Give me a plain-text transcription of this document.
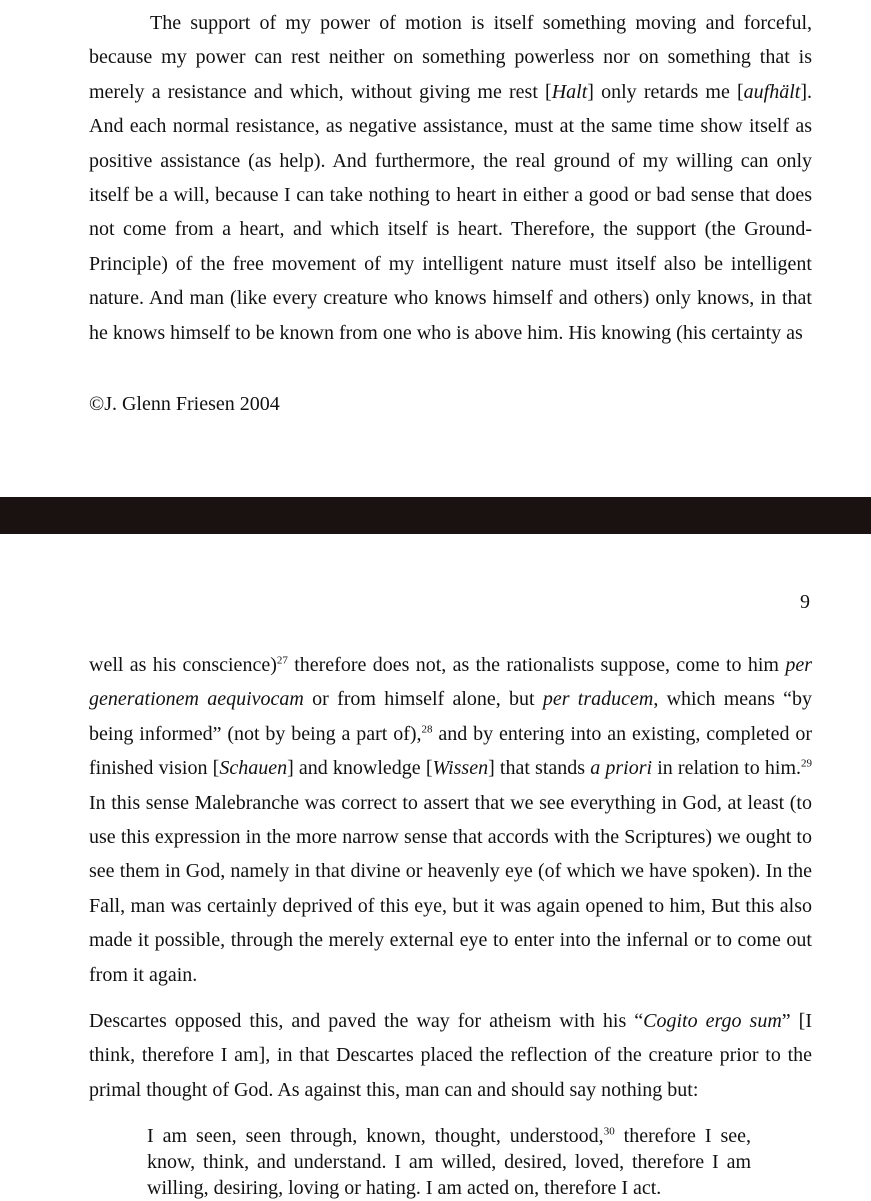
The support of my power of motion is itself something moving and forceful, because my power can rest neither on something powerless nor on something that is merely a resistance and which, without giving me rest [Halt] only retards me [aufhält]. And each normal resistance, as negative assistance, must at the same time show itself as positive assistance (as help). And furthermore, the real ground of my willing can only itself be a will, because I can take nothing to heart in either a good or bad sense that does not come from a heart, and which itself is heart. Therefore, the support (the Ground-Principle) of the free movement of my intelligent nature must itself also be intelligent nature. And man (like every creature who knows himself and others) only knows, in that he knows himself to be known from one who is above him. His knowing (his certainty as

©J. Glenn Friesen 2004
9

well as his conscience)$^{27}$ therefore does not, as the rationalists suppose, come to him per generationem aequivocam or from himself alone, but per traducem, which means “by being informed” (not by being a part of),$^{28}$ and by entering into an existing, completed or finished vision [Schauen] and knowledge [Wissen] that stands a priori in relation to him.$^{29}$ In this sense Malebranche was correct to assert that we see everything in God, at least (to use this expression in the more narrow sense that accords with the Scriptures) we ought to see them in God, namely in that divine or heavenly eye (of which we have spoken). In the Fall, man was certainly deprived of this eye, but it was again opened to him, But this also made it possible, through the merely external eye to enter into the infernal or to come out from it again.

Descartes opposed this, and paved the way for atheism with his “Cogito ergo sum” [I think, therefore I am], in that Descartes placed the reflection of the creature prior to the primal thought of God. As against this, man can and should say nothing but:

I am seen, seen through, known, thought, understood,$^{30}$ therefore I see, know, think, and understand. I am willed, desired, loved, therefore I am willing, desiring, loving or hating. I am acted on, therefore I act.
